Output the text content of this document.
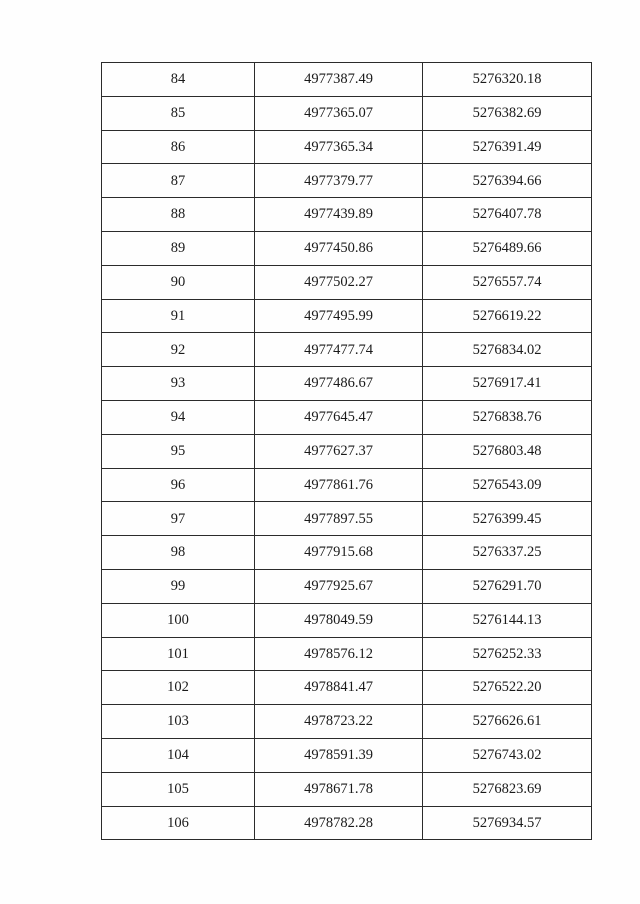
84	4977387.49	5276320.18
85	4977365.07	5276382.69
86	4977365.34	5276391.49
87	4977379.77	5276394.66
88	4977439.89	5276407.78
89	4977450.86	5276489.66
90	4977502.27	5276557.74
91	4977495.99	5276619.22
92	4977477.74	5276834.02
93	4977486.67	5276917.41
94	4977645.47	5276838.76
95	4977627.37	5276803.48
96	4977861.76	5276543.09
97	4977897.55	5276399.45
98	4977915.68	5276337.25
99	4977925.67	5276291.70
100	4978049.59	5276144.13
101	4978576.12	5276252.33
102	4978841.47	5276522.20
103	4978723.22	5276626.61
104	4978591.39	5276743.02
105	4978671.78	5276823.69
106	4978782.28	5276934.57
